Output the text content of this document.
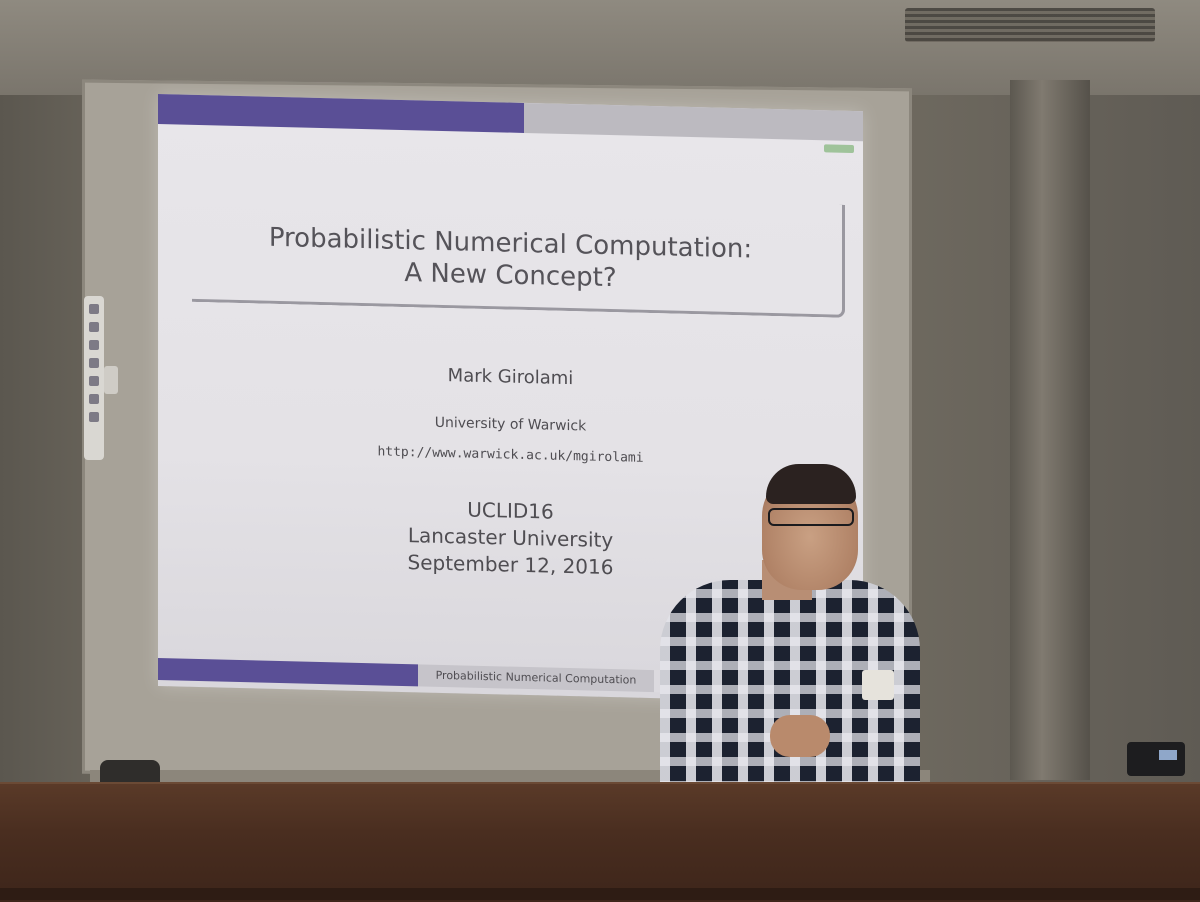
Probabilistic Numerical Computation:
A New Concept?
Mark Girolami
University of Warwick
http://www.warwick.ac.uk/mgirolami
UCLID16
Lancaster University
September 12, 2016
Probabilistic Numerical Computation
